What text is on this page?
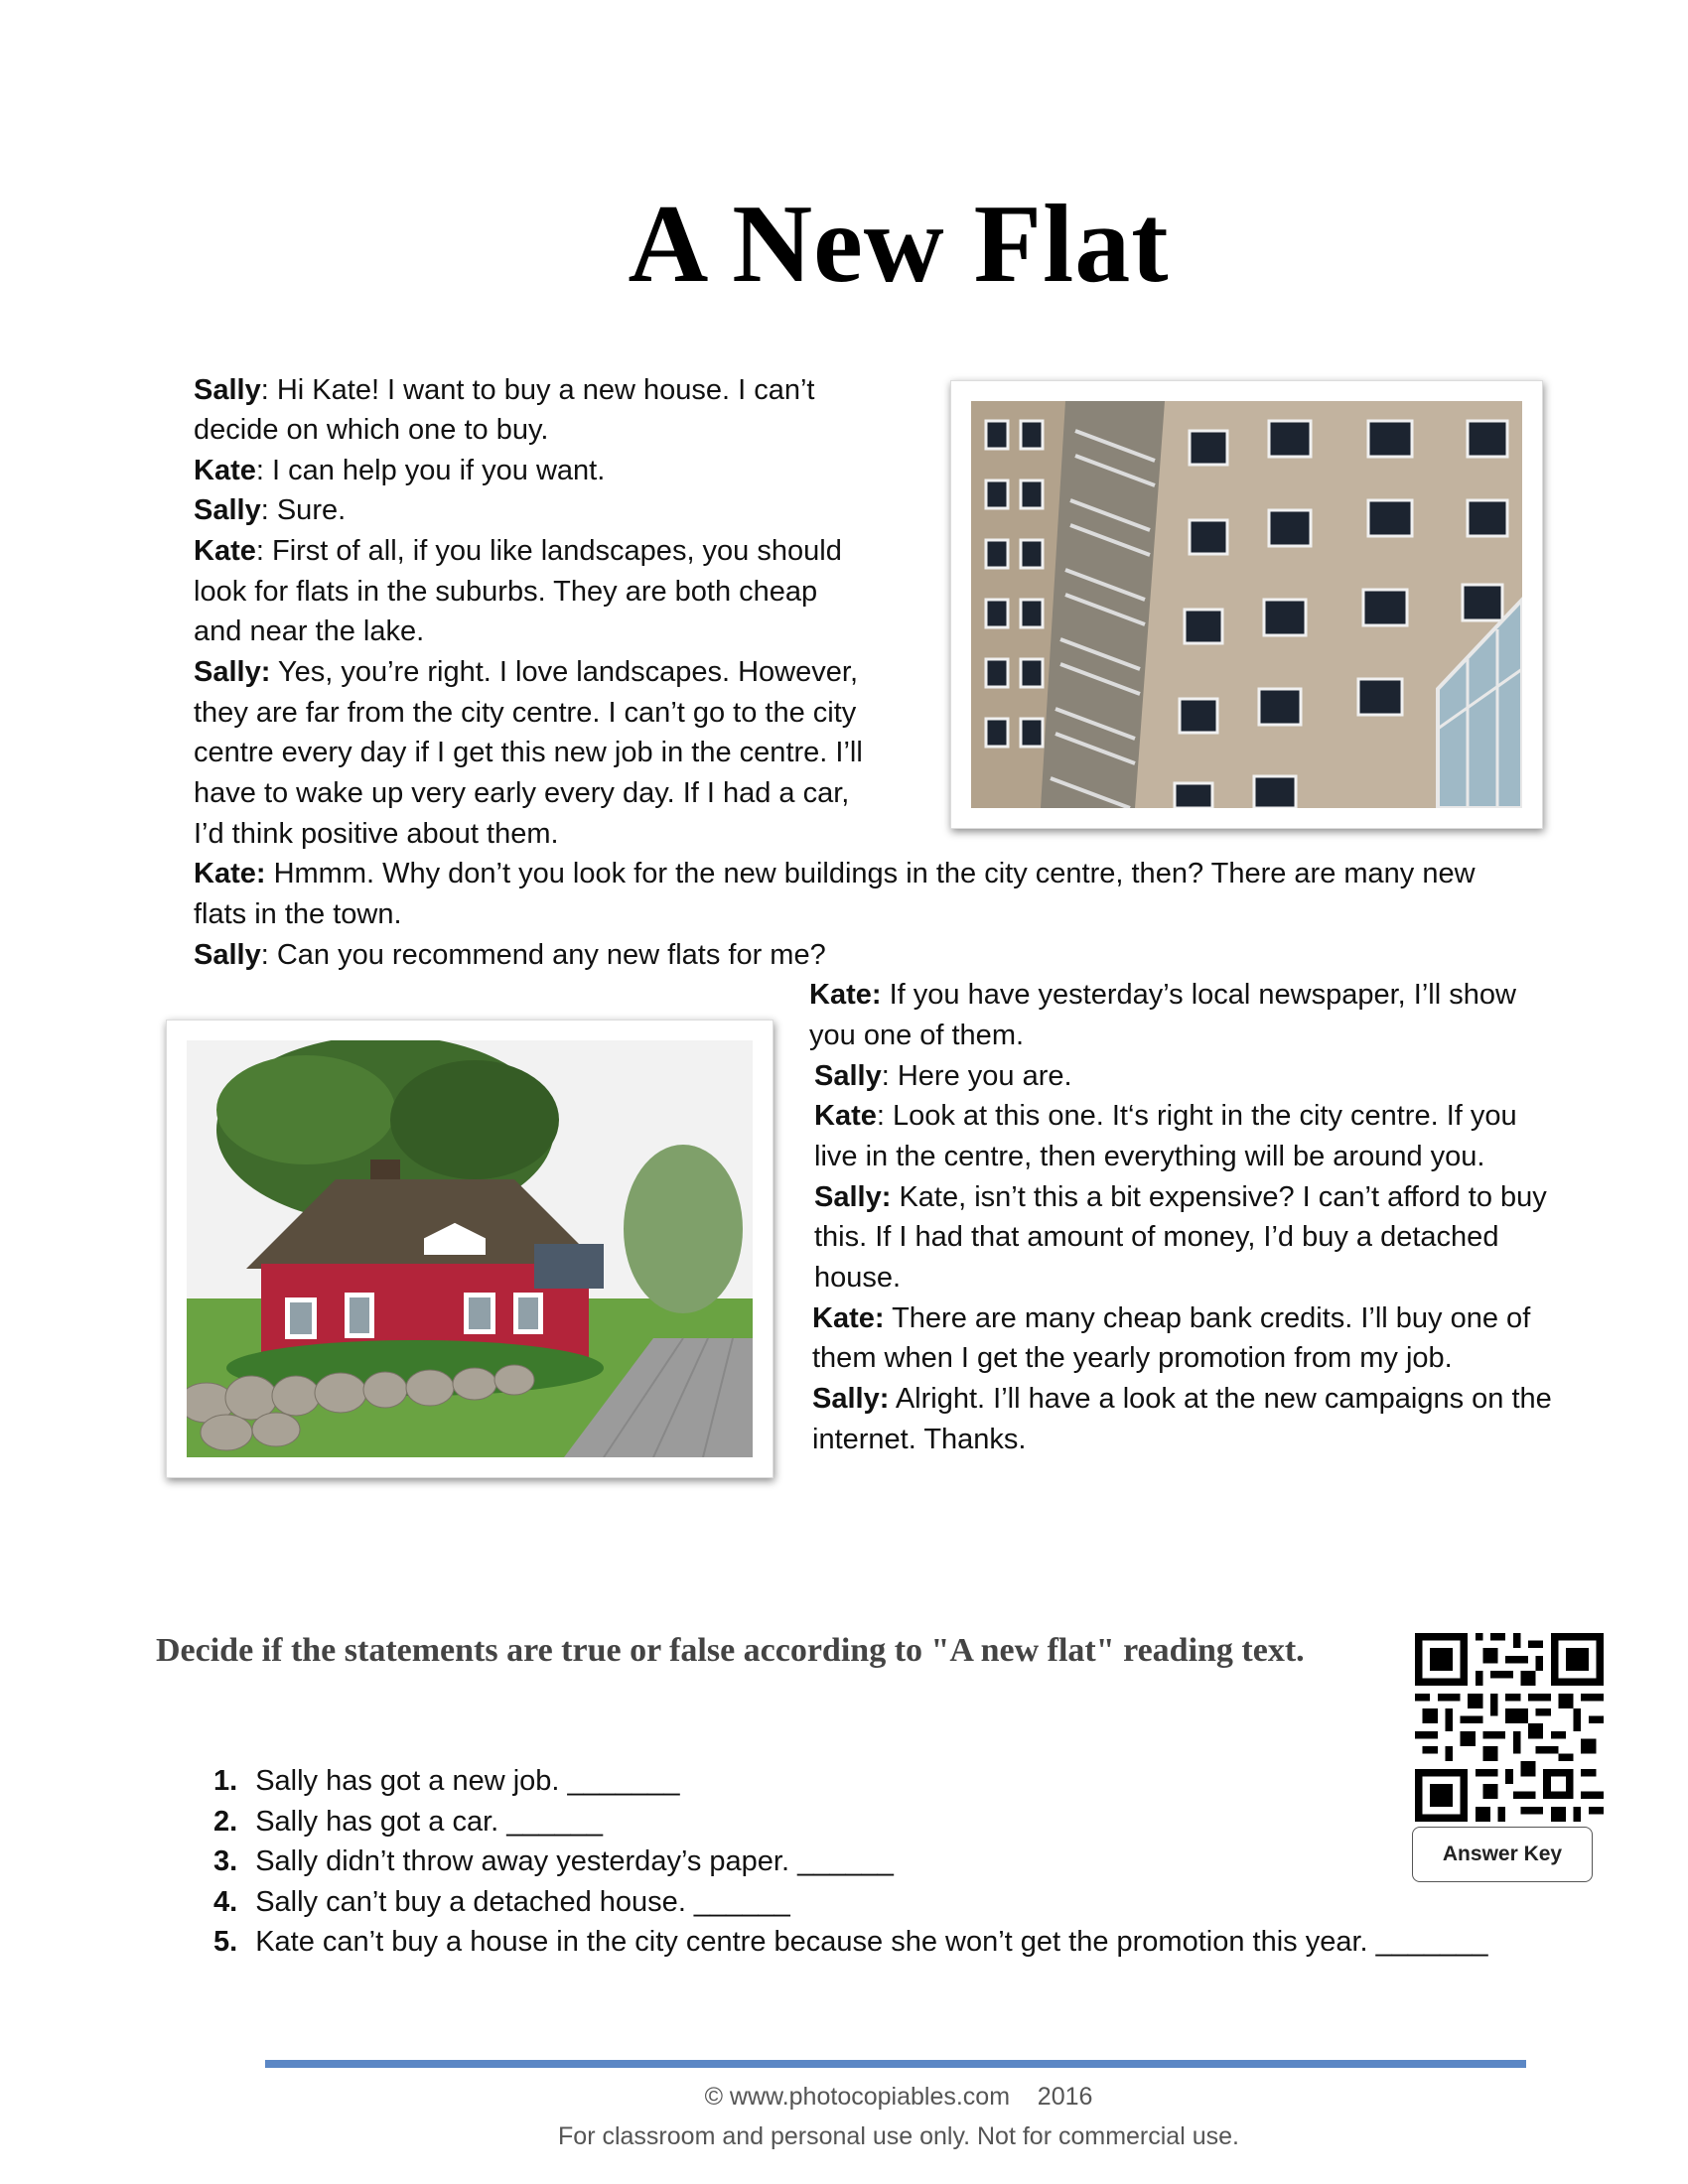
A New Flat
Sally: Hi Kate! I want to buy a new house. I can’t
decide on which one to buy.
Kate: I can help you if you want.
Sally: Sure.
Kate: First of all, if you like landscapes, you should
look for flats in the suburbs. They are both cheap
and near the lake.
Sally: Yes, you’re right. I love landscapes. However,
they are far from the city centre. I can’t go to the city
centre every day if I get this new job in the centre. I’ll
have to wake up very early every day. If I had a car,
I’d think positive about them.
Kate: Hmmm. Why don’t you look for the new buildings in the city centre, then? There are many new
flats in the town.
Sally: Can you recommend any new flats for me?
Kate: If you have yesterday’s local newspaper, I’ll show
you one of them.
Sally: Here you are.
Kate: Look at this one. It‘s right in the city centre. If you
live in the centre, then everything will be around you.
Sally: Kate, isn’t this a bit expensive? I can’t afford to buy
this. If I had that amount of money, I’d buy a detached
house.
Kate: There are many cheap bank credits. I’ll buy one of
them when I get the yearly promotion from my job.
Sally: Alright. I’ll have a look at the new campaigns on the
internet. Thanks.
Decide if the statements are true or false according to "A new flat" reading text.
1. Sally has got a new job. _______
2. Sally has got a car. ______
3. Sally didn’t throw away yesterday’s paper. ______
4. Sally can’t buy a detached house. ______
5. Kate can’t buy a house in the city centre because she won’t get the promotion this year. _______
Answer Key
© www.photocopiables.com    2016
For classroom and personal use only. Not for commercial use.
